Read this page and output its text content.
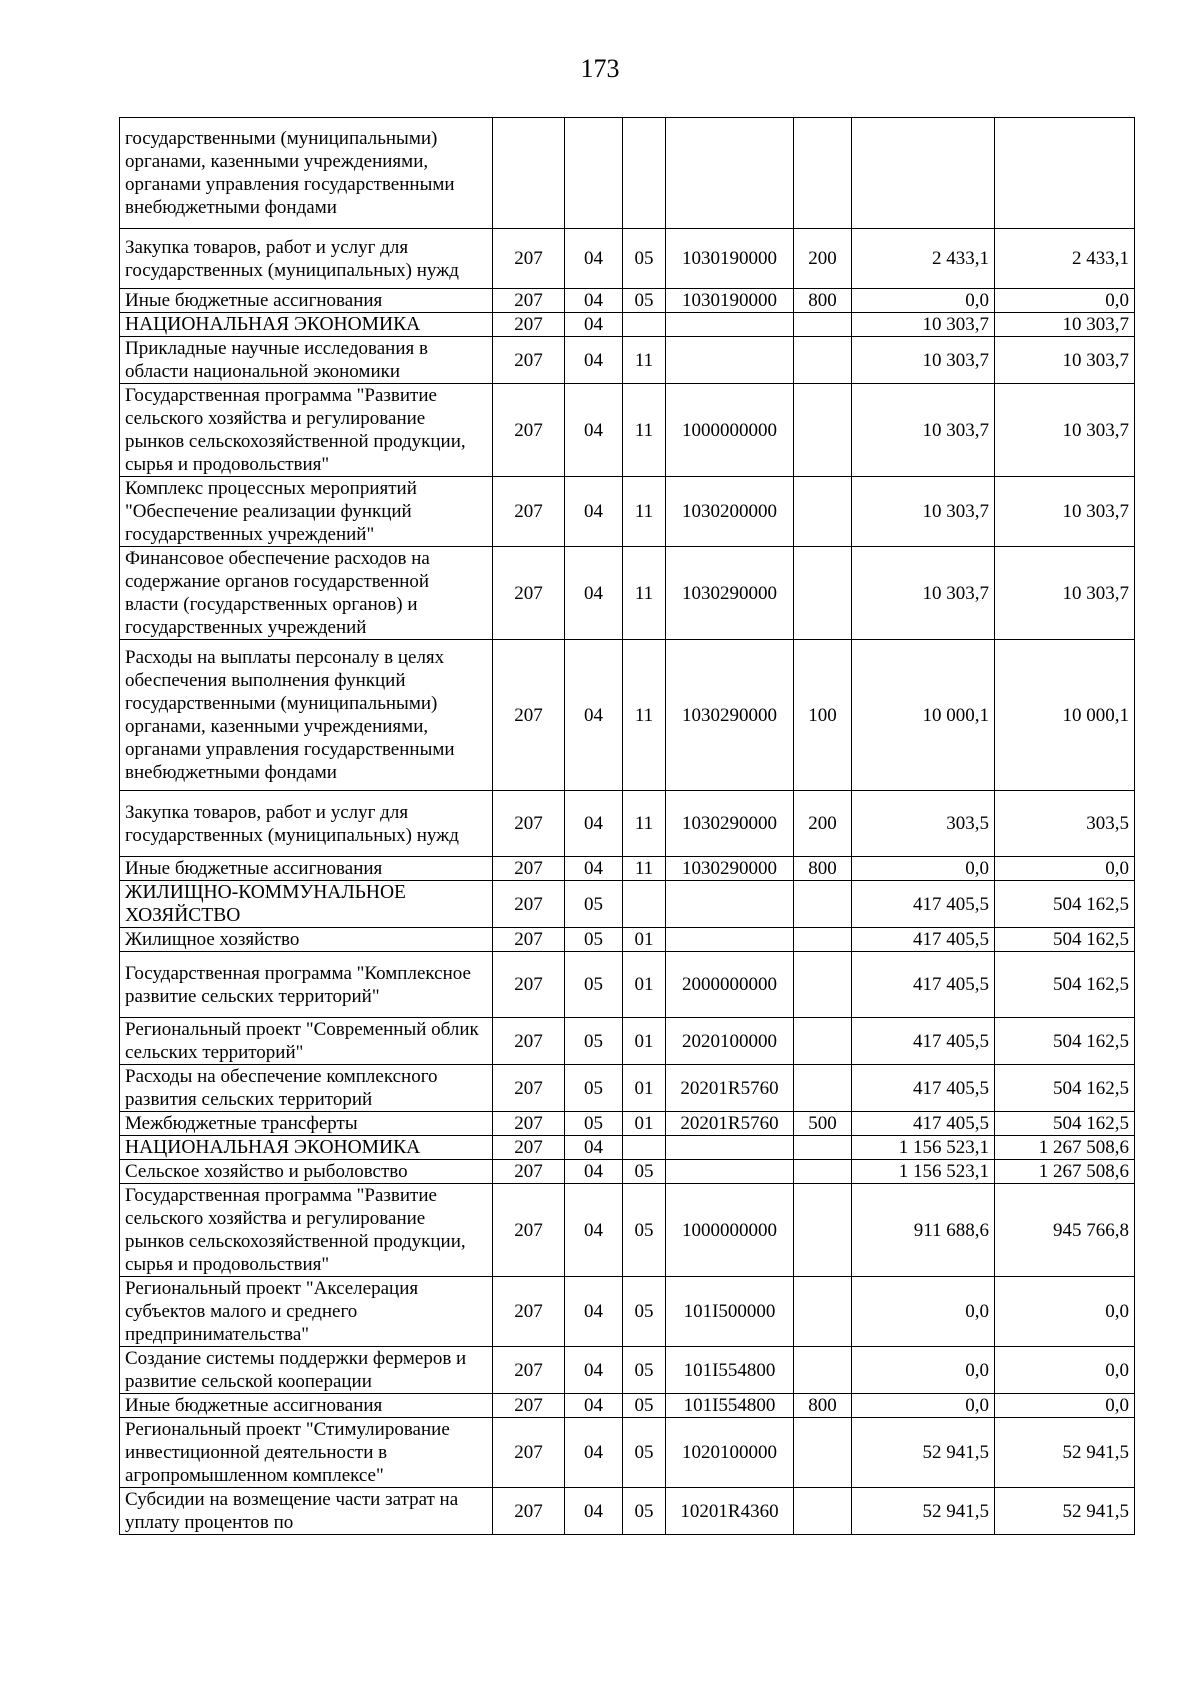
173
государственными (муниципальными) органами, казенными учреждениями, органами управления государственными внебюджетными фондами							
Закупка товаров, работ и услуг для государственных (муниципальных) нужд	207	04	05	1030190000	200	2 433,1	2 433,1
Иные бюджетные ассигнования	207	04	05	1030190000	800	0,0	0,0
НАЦИОНАЛЬНАЯ ЭКОНОМИКА	207	04				10 303,7	10 303,7
Прикладные научные исследования в области национальной экономики	207	04	11			10 303,7	10 303,7
Государственная программа "Развитие сельского хозяйства и регулирование рынков сельскохозяйственной продукции, сырья и продовольствия"	207	04	11	1000000000		10 303,7	10 303,7
Комплекс процессных мероприятий "Обеспечение реализации функций государственных учреждений"	207	04	11	1030200000		10 303,7	10 303,7
Финансовое обеспечение расходов на содержание органов государственной власти (государственных органов) и государственных учреждений	207	04	11	1030290000		10 303,7	10 303,7
Расходы на выплаты персоналу в целях обеспечения выполнения функций государственными (муниципальными) органами, казенными учреждениями, органами управления государственными внебюджетными фондами	207	04	11	1030290000	100	10 000,1	10 000,1
Закупка товаров, работ и услуг для государственных (муниципальных) нужд	207	04	11	1030290000	200	303,5	303,5
Иные бюджетные ассигнования	207	04	11	1030290000	800	0,0	0,0
ЖИЛИЩНО-КОММУНАЛЬНОЕ ХОЗЯЙСТВО	207	05				417 405,5	504 162,5
Жилищное хозяйство	207	05	01			417 405,5	504 162,5
Государственная программа "Комплексное развитие сельских территорий"	207	05	01	2000000000		417 405,5	504 162,5
Региональный проект "Современный облик сельских территорий"	207	05	01	2020100000		417 405,5	504 162,5
Расходы на обеспечение комплексного развития сельских территорий	207	05	01	20201R5760		417 405,5	504 162,5
Межбюджетные трансферты	207	05	01	20201R5760	500	417 405,5	504 162,5
НАЦИОНАЛЬНАЯ ЭКОНОМИКА	207	04				1 156 523,1	1 267 508,6
Сельское хозяйство и рыболовство	207	04	05			1 156 523,1	1 267 508,6
Государственная программа "Развитие сельского хозяйства и регулирование рынков сельскохозяйственной продукции, сырья и продовольствия"	207	04	05	1000000000		911 688,6	945 766,8
Региональный проект "Акселерация субъектов малого и среднего предпринимательства"	207	04	05	101I500000		0,0	0,0
Создание системы поддержки фермеров и развитие сельской кооперации	207	04	05	101I554800		0,0	0,0
Иные бюджетные ассигнования	207	04	05	101I554800	800	0,0	0,0
Региональный проект "Стимулирование инвестиционной деятельности в агропромышленном комплексе"	207	04	05	1020100000		52 941,5	52 941,5
Субсидии на возмещение части затрат на уплату процентов по	207	04	05	10201R4360		52 941,5	52 941,5
